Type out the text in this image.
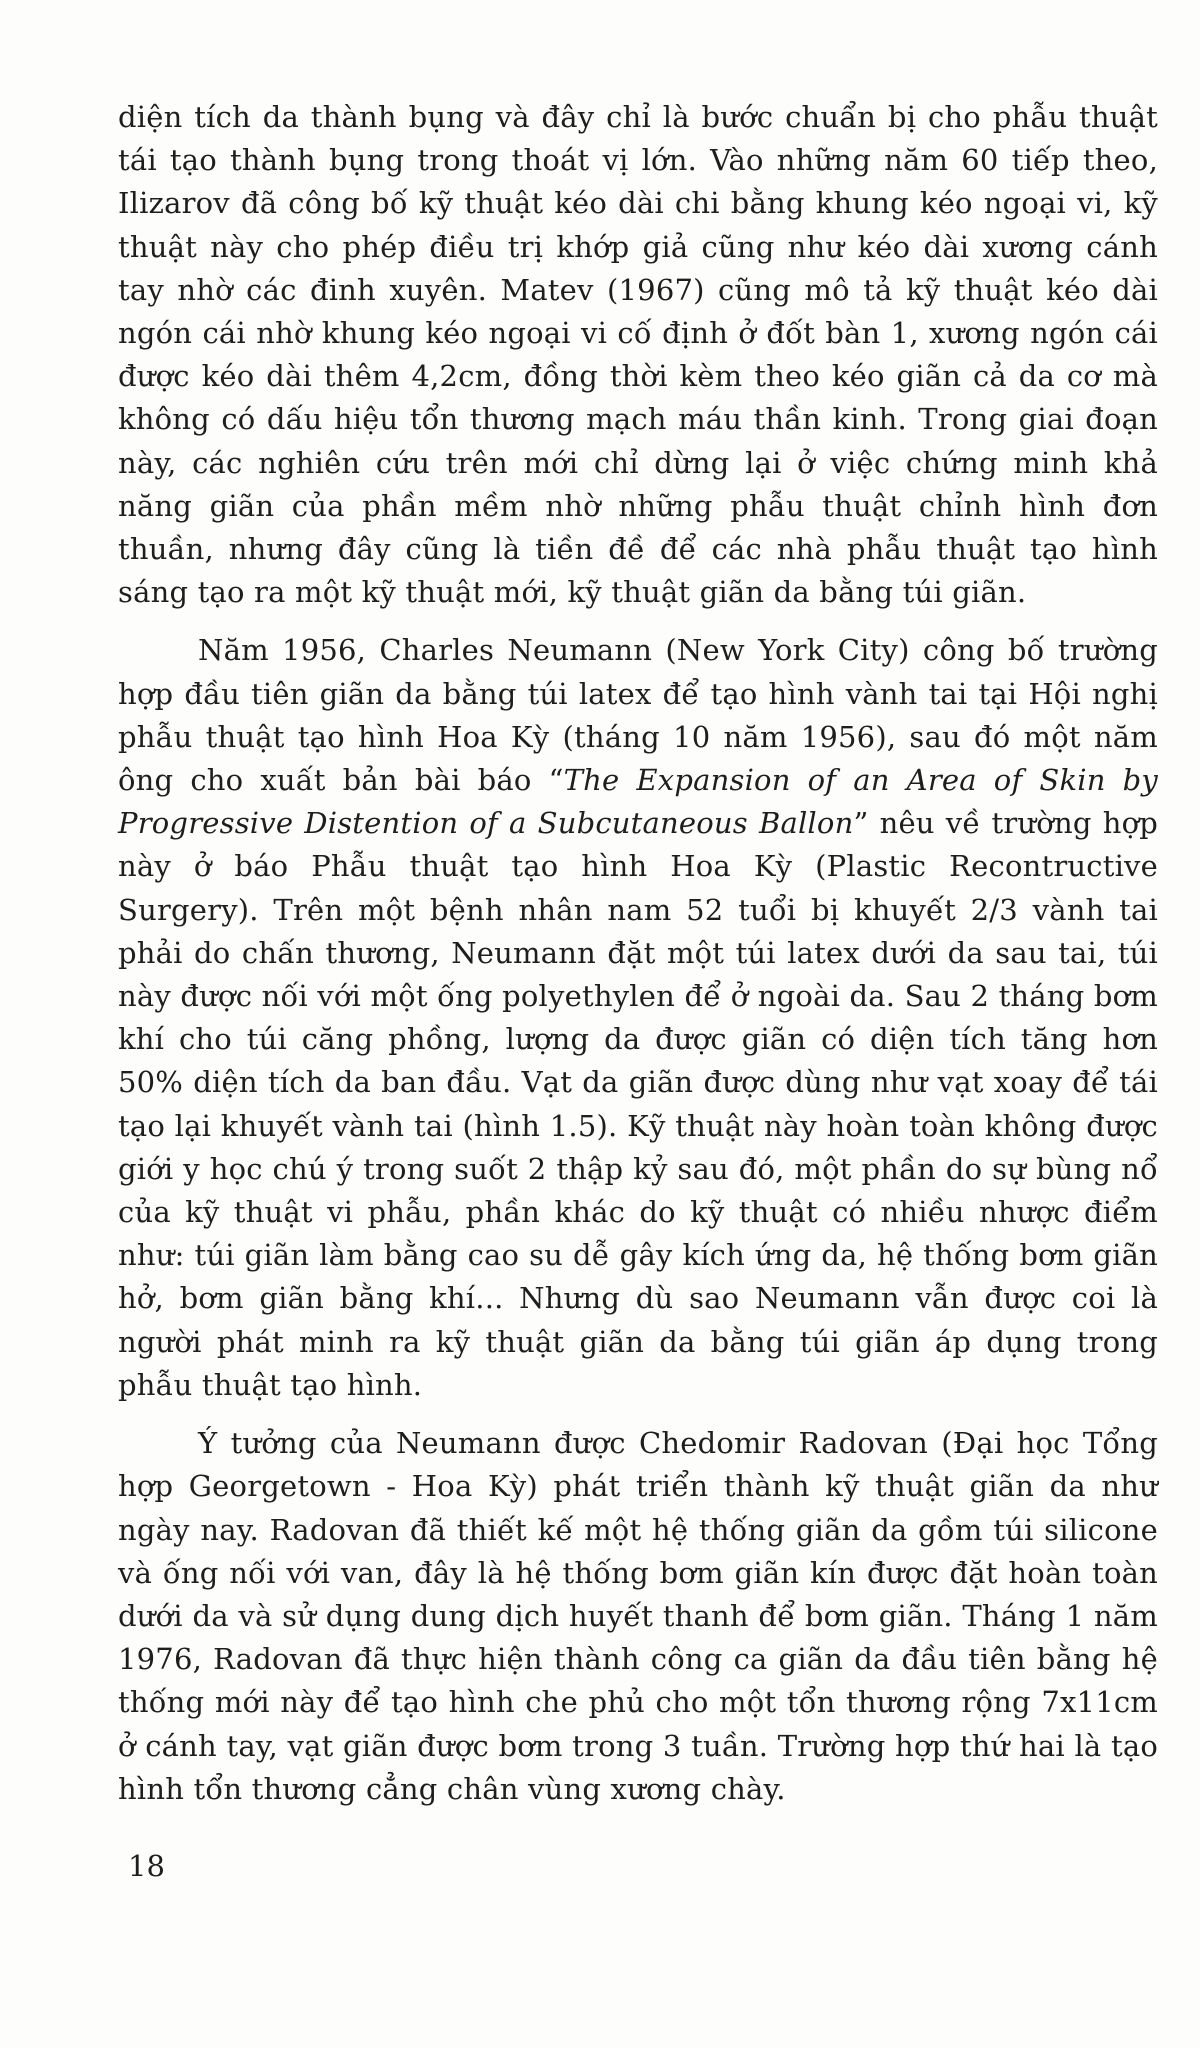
diện tích da thành bụng và đây chỉ là bước chuẩn bị cho phẫu thuật tái tạo thành bụng trong thoát vị lớn. Vào những năm 60 tiếp theo, Ilizarov đã công bố kỹ thuật kéo dài chi bằng khung kéo ngoại vi, kỹ thuật này cho phép điều trị khớp giả cũng như kéo dài xương cánh tay nhờ các đinh xuyên. Matev (1967) cũng mô tả kỹ thuật kéo dài ngón cái nhờ khung kéo ngoại vi cố định ở đốt bàn 1, xương ngón cái được kéo dài thêm 4,2cm, đồng thời kèm theo kéo giãn cả da cơ mà không có dấu hiệu tổn thương mạch máu thần kinh. Trong giai đoạn này, các nghiên cứu trên mới chỉ dừng lại ở việc chứng minh khả năng giãn của phần mềm nhờ những phẫu thuật chỉnh hình đơn thuần, nhưng đây cũng là tiền đề để các nhà phẫu thuật tạo hình sáng tạo ra một kỹ thuật mới, kỹ thuật giãn da bằng túi giãn.

Năm 1956, Charles Neumann (New York City) công bố trường hợp đầu tiên giãn da bằng túi latex để tạo hình vành tai tại Hội nghị phẫu thuật tạo hình Hoa Kỳ (tháng 10 năm 1956), sau đó một năm ông cho xuất bản bài báo “The Expansion of an Area of Skin by Progressive Distention of a Subcutaneous Ballon” nêu về trường hợp này ở báo Phẫu thuật tạo hình Hoa Kỳ (Plastic Recontructive Surgery). Trên một bệnh nhân nam 52 tuổi bị khuyết 2/3 vành tai phải do chấn thương, Neumann đặt một túi latex dưới da sau tai, túi này được nối với một ống polyethylen để ở ngoài da. Sau 2 tháng bơm khí cho túi căng phồng, lượng da được giãn có diện tích tăng hơn 50% diện tích da ban đầu. Vạt da giãn được dùng như vạt xoay để tái tạo lại khuyết vành tai (hình 1.5). Kỹ thuật này hoàn toàn không được giới y học chú ý trong suốt 2 thập kỷ sau đó, một phần do sự bùng nổ của kỹ thuật vi phẫu, phần khác do kỹ thuật có nhiều nhược điểm như: túi giãn làm bằng cao su dễ gây kích ứng da, hệ thống bơm giãn hở, bơm giãn bằng khí... Nhưng dù sao Neumann vẫn được coi là người phát minh ra kỹ thuật giãn da bằng túi giãn áp dụng trong phẫu thuật tạo hình.

Ý tưởng của Neumann được Chedomir Radovan (Đại học Tổng hợp Georgetown - Hoa Kỳ) phát triển thành kỹ thuật giãn da như ngày nay. Radovan đã thiết kế một hệ thống giãn da gồm túi silicone và ống nối với van, đây là hệ thống bơm giãn kín được đặt hoàn toàn dưới da và sử dụng dung dịch huyết thanh để bơm giãn. Tháng 1 năm 1976, Radovan đã thực hiện thành công ca giãn da đầu tiên bằng hệ thống mới này để tạo hình che phủ cho một tổn thương rộng 7x11cm ở cánh tay, vạt giãn được bơm trong 3 tuần. Trường hợp thứ hai là tạo hình tổn thương cẳng chân vùng xương chày.

18
